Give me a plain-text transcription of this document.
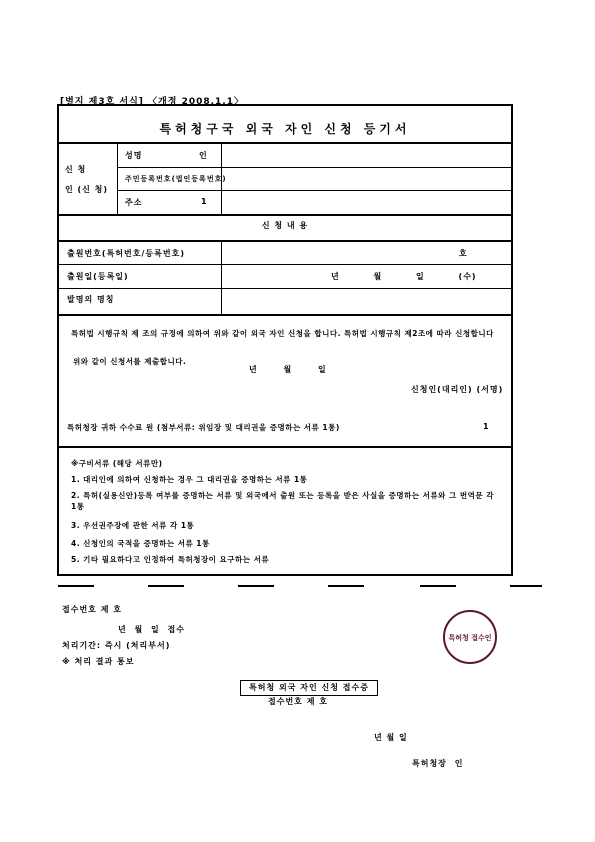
[별지 제3호 서식] 〈개정 2008.1.1〉
특허청구국 외국 자인 신청 등기서
신 청
인 (신 청)
성명	인
주민등록번호(법인등록번호)
주소	1
신 청 내 용
출원번호(특허번호/등록번호)	호
출원일(등록일)	년 월 일 (수)
발명의 명칭
특허법 시행규칙 제 조의 규정에 의하여 위와 같이 외국 자인 신청을 합니다. 특허법 시행규칙 제2조에 따라 신청합니다
위와 같이 신청서를 제출합니다.
년 월 일
신청인(대리인) (서명)
특허청장 귀하 수수료 원 (첨부서류: 위임장 및 대리권을 증명하는 서류 1통)	1
※구비서류 (해당 서류만)
1. 대리인에 의하여 신청하는 경우 그 대리권을 증명하는 서류 1통
2. 특허(실용신안)등록 여부를 증명하는 서류 및 외국에서 출원 또는 등록을 받은 사실을 증명하는 서류와 그 번역문 각 1통
3. 우선권주장에 관한 서류 각 1통
4. 신청인의 국적을 증명하는 서류 1통
5. 기타 필요하다고 인정하여 특허청장이 요구하는 서류
접수번호 제 호
년 월 일 접수
처리기간: 즉시 (처리부서)
※ 처리 결과 통보
특허청 접수인
특허청 외국 자인 신청 접수증
접수번호 제 호
년 월 일
특허청장 인
